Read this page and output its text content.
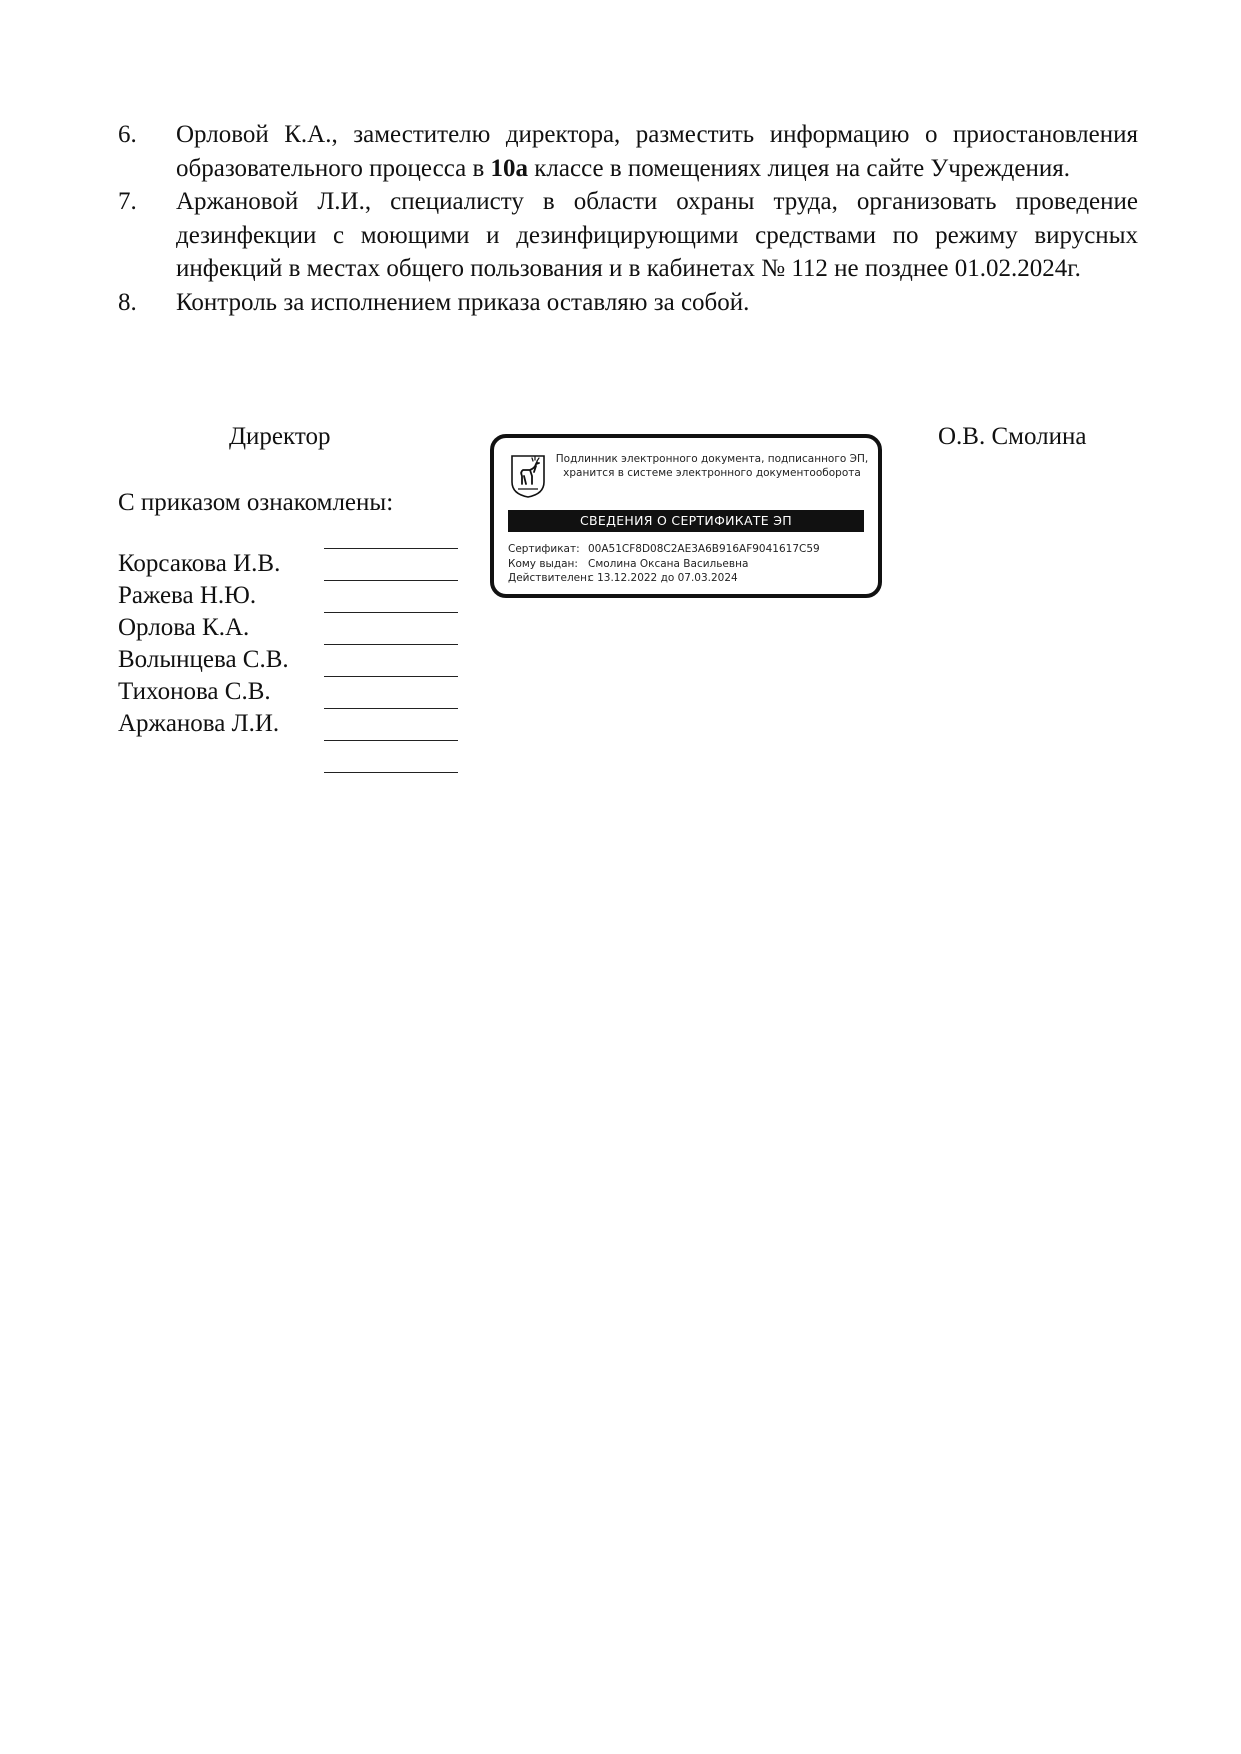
6. Орловой К.А., заместителю директора, разместить информацию о приостановления образовательного процесса в 10а классе в помещениях лицея на сайте Учреждения.

7. Аржановой Л.И., специалисту в области охраны труда, организовать проведение дезинфекции с моющими и дезинфицирующими средствами по режиму вирусных инфекций в местах общего пользования и в кабинетах № 112 не позднее 01.02.2024г.

8. Контроль за исполнением приказа оставляю за собой.

Директор	О.В. Смолина
Подлинник электронного документа, подписанного ЭП,
хранится в системе электронного документооборота
СВЕДЕНИЯ О СЕРТИФИКАТЕ ЭП
Сертификат: 00A51CF8D08C2AE3A6B916AF9041617C59
Кому выдан: Смолина Оксана Васильевна
Действителен:с 13.12.2022 до 07.03.2024
С приказом ознакомлены:
Корсакова И.В.
Ражева Н.Ю.
Орлова К.А.
Волынцева С.В.
Тихонова С.В.
Аржанова Л.И.
